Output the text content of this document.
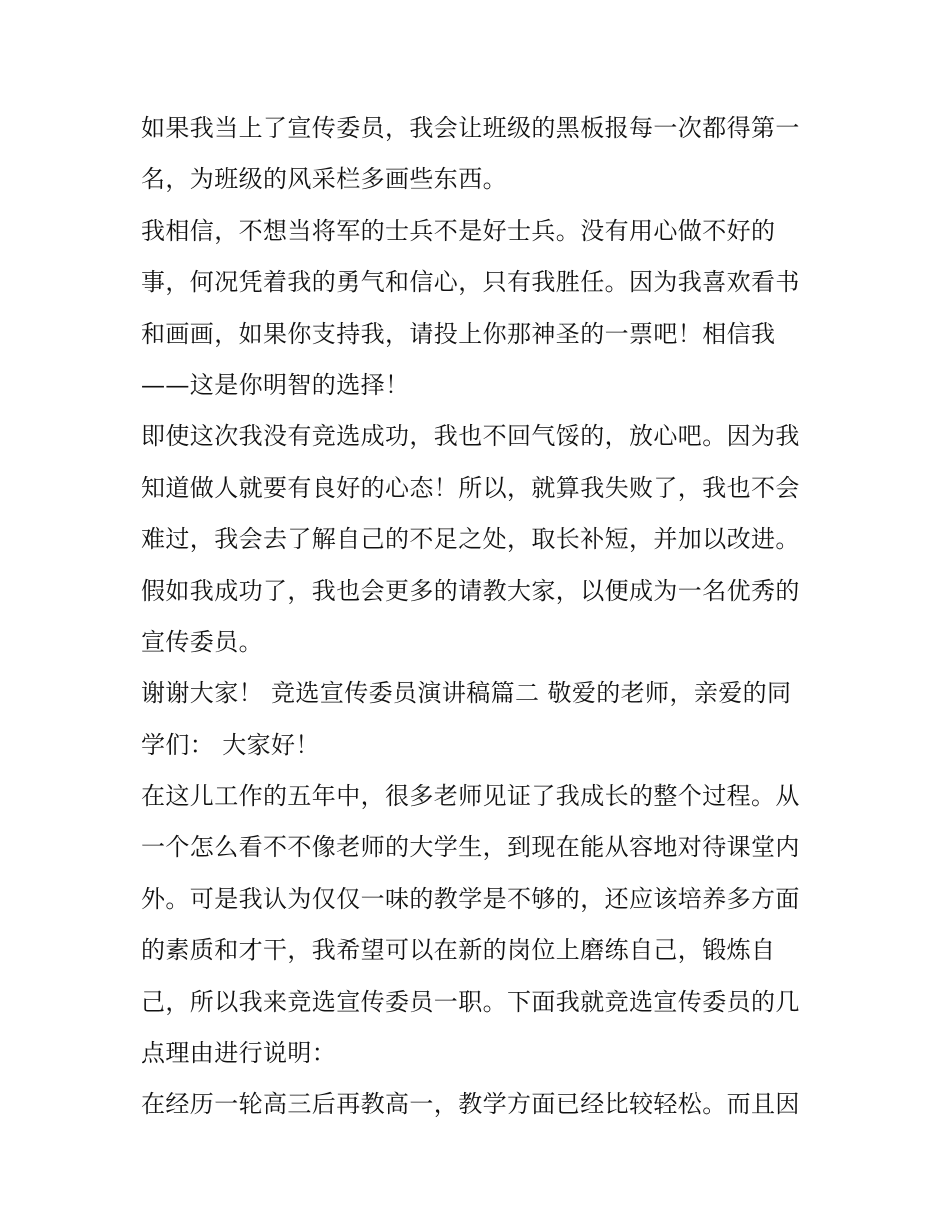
如果我当上了宣传委员，我会让班级的黑板报每一次都得第一
名，为班级的风采栏多画些东西。
我相信，不想当将军的士兵不是好士兵。没有用心做不好的
事，何况凭着我的勇气和信心，只有我胜任。因为我喜欢看书
和画画，如果你支持我，请投上你那神圣的一票吧！相信我
——这是你明智的选择！
即使这次我没有竞选成功，我也不回气馁的，放心吧。因为我
知道做人就要有良好的心态！所以，就算我失败了，我也不会
难过，我会去了解自己的不足之处，取长补短，并加以改进。
假如我成功了，我也会更多的请教大家，以便成为一名优秀的
宣传委员。
谢谢大家！ 竞选宣传委员演讲稿篇二 敬爱的老师，亲爱的同
学们： 大家好！
在这儿工作的五年中，很多老师见证了我成长的整个过程。从
一个怎么看不不像老师的大学生，到现在能从容地对待课堂内
外。可是我认为仅仅一味的教学是不够的，还应该培养多方面
的素质和才干，我希望可以在新的岗位上磨练自己，锻炼自
己，所以我来竞选宣传委员一职。下面我就竞选宣传委员的几
点理由进行说明：
在经历一轮高三后再教高一，教学方面已经比较轻松。而且因
